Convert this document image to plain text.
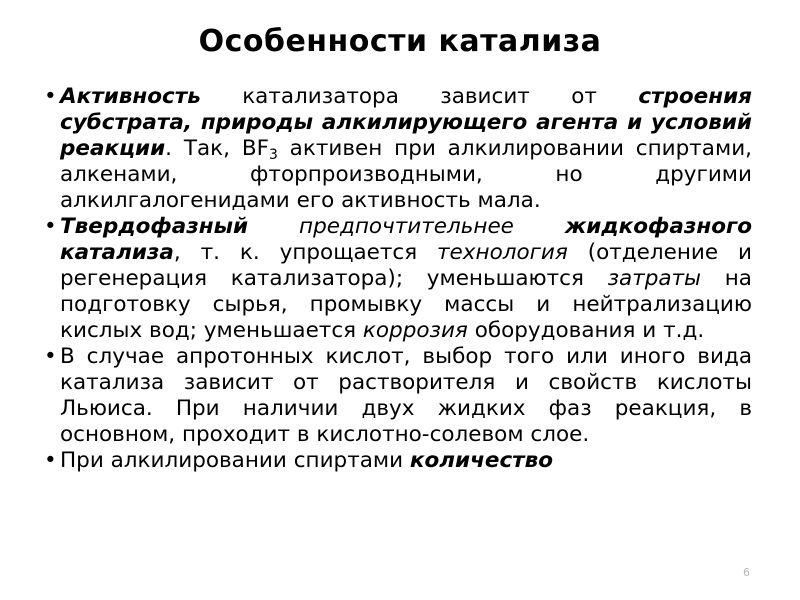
Особенности катализа
• Активность катализатора зависит от строения субстрата, природы алкилирующего агента и условий реакции. Так, $BF_3$ активен при алкилировании спиртами, алкенами, фторпроизводными, но другими алкилгалогенидами его активность мала.
• Твердофазный предпочтительнее жидкофазного катализа, т. к. упрощается технология (отделение и регенерация катализатора); уменьшаются затраты на подготовку сырья, промывку массы и нейтрализацию кислых вод; уменьшается коррозия оборудования и т.д.
• В случае апротонных кислот, выбор того или иного вида катализа зависит от растворителя и свойств кислоты Льюиса. При наличии двух жидких фаз реакция, в основном, проходит в кислотно-солевом слое.
• При алкилировании спиртами количество
6
